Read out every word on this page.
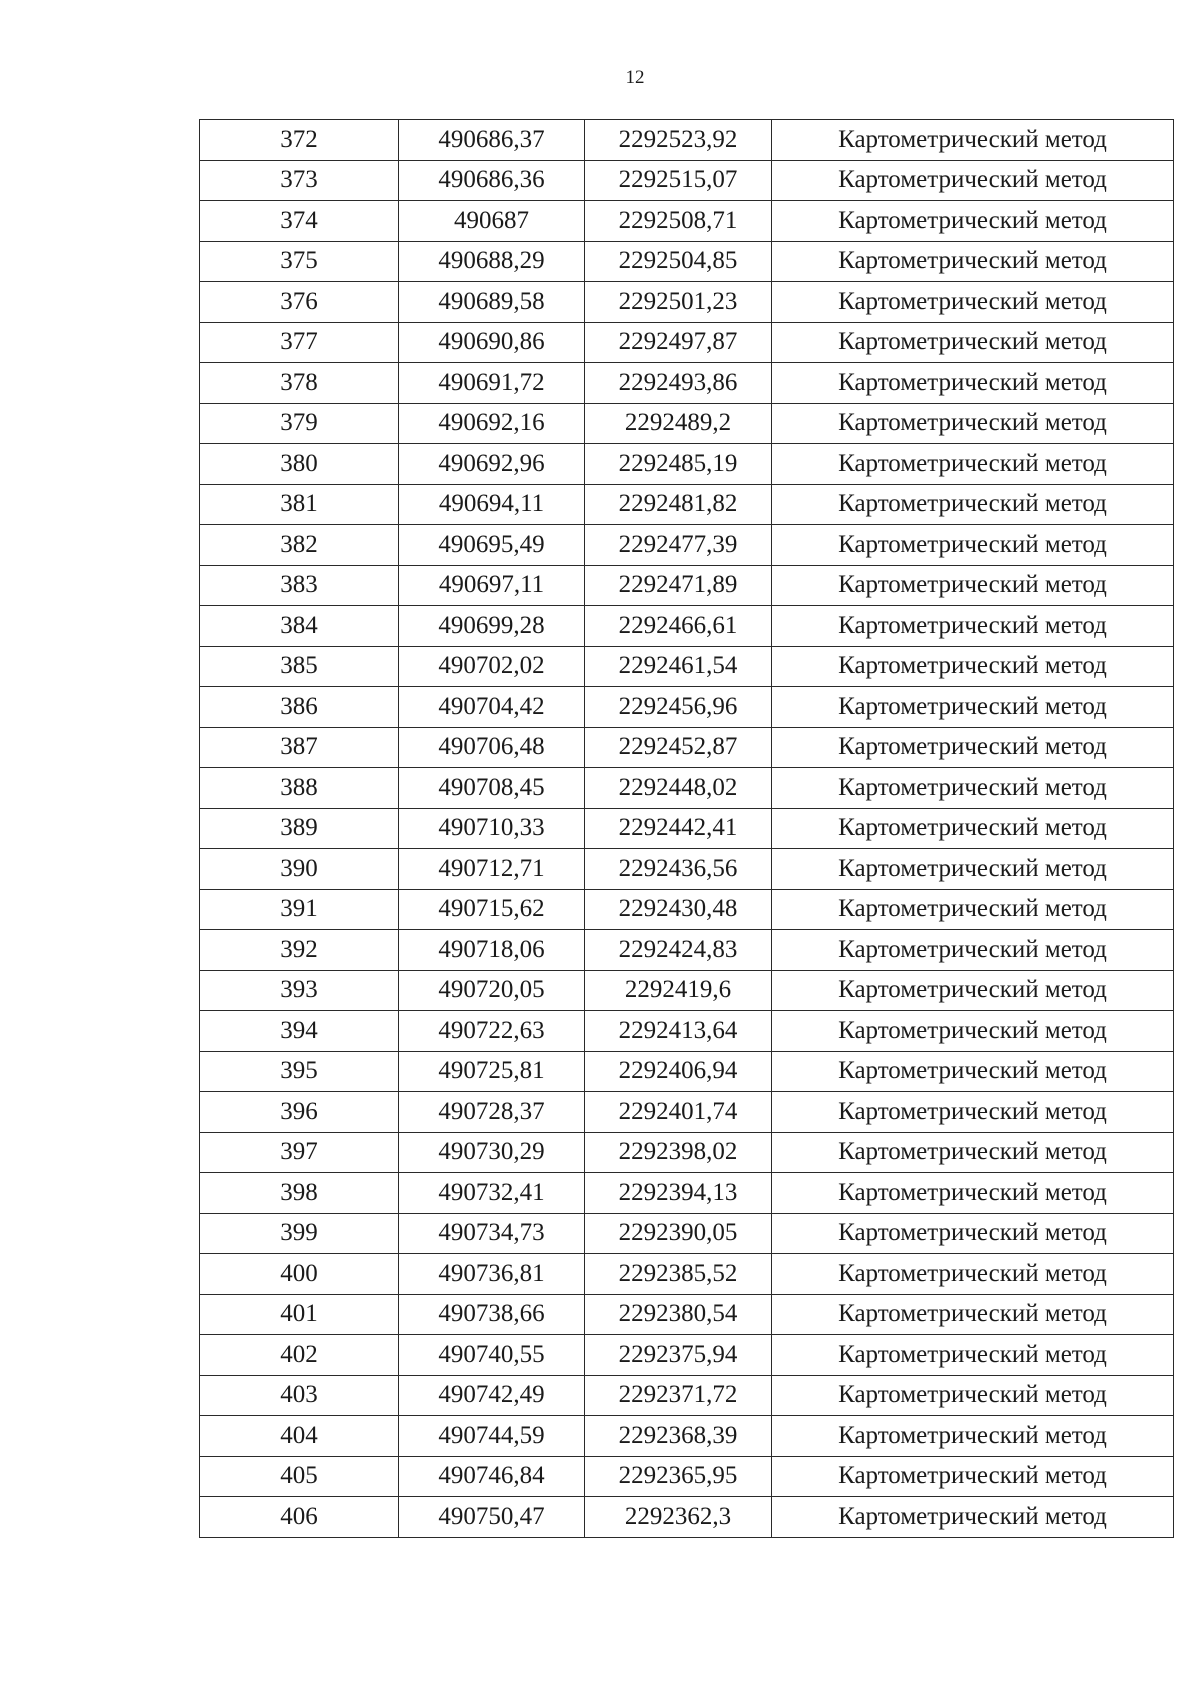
12
372	490686,37	2292523,92	Картометрический метод
373	490686,36	2292515,07	Картометрический метод
374	490687	2292508,71	Картометрический метод
375	490688,29	2292504,85	Картометрический метод
376	490689,58	2292501,23	Картометрический метод
377	490690,86	2292497,87	Картометрический метод
378	490691,72	2292493,86	Картометрический метод
379	490692,16	2292489,2	Картометрический метод
380	490692,96	2292485,19	Картометрический метод
381	490694,11	2292481,82	Картометрический метод
382	490695,49	2292477,39	Картометрический метод
383	490697,11	2292471,89	Картометрический метод
384	490699,28	2292466,61	Картометрический метод
385	490702,02	2292461,54	Картометрический метод
386	490704,42	2292456,96	Картометрический метод
387	490706,48	2292452,87	Картометрический метод
388	490708,45	2292448,02	Картометрический метод
389	490710,33	2292442,41	Картометрический метод
390	490712,71	2292436,56	Картометрический метод
391	490715,62	2292430,48	Картометрический метод
392	490718,06	2292424,83	Картометрический метод
393	490720,05	2292419,6	Картометрический метод
394	490722,63	2292413,64	Картометрический метод
395	490725,81	2292406,94	Картометрический метод
396	490728,37	2292401,74	Картометрический метод
397	490730,29	2292398,02	Картометрический метод
398	490732,41	2292394,13	Картометрический метод
399	490734,73	2292390,05	Картометрический метод
400	490736,81	2292385,52	Картометрический метод
401	490738,66	2292380,54	Картометрический метод
402	490740,55	2292375,94	Картометрический метод
403	490742,49	2292371,72	Картометрический метод
404	490744,59	2292368,39	Картометрический метод
405	490746,84	2292365,95	Картометрический метод
406	490750,47	2292362,3	Картометрический метод
